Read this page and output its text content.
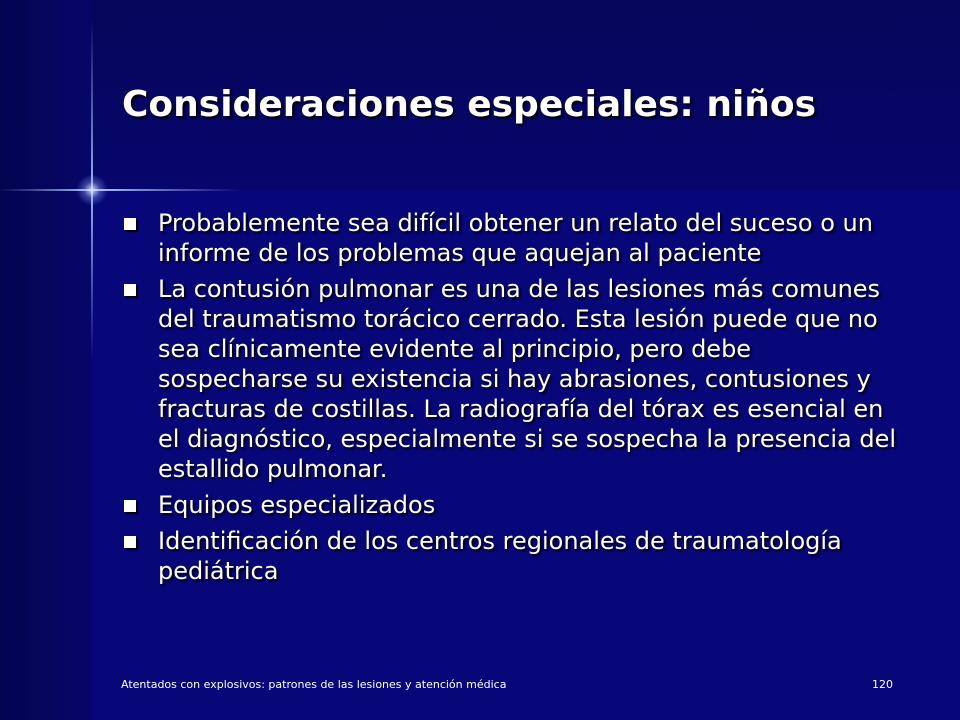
Consideraciones especiales: niños
Probablemente sea difícil obtener un relato del suceso o un informe de los problemas que aquejan al paciente
La contusión pulmonar es una de las lesiones más comunes del traumatismo torácico cerrado. Esta lesión puede que no sea clínicamente evidente al principio, pero debe sospecharse su existencia si hay abrasiones, contusiones y fracturas de costillas. La radiografía del tórax es esencial en el diagnóstico, especialmente si se sospecha la presencia del estallido pulmonar.
Equipos especializados
Identificación de los centros regionales de traumatología pediátrica
Atentados con explosivos: patrones de las lesiones y atención médica	120
